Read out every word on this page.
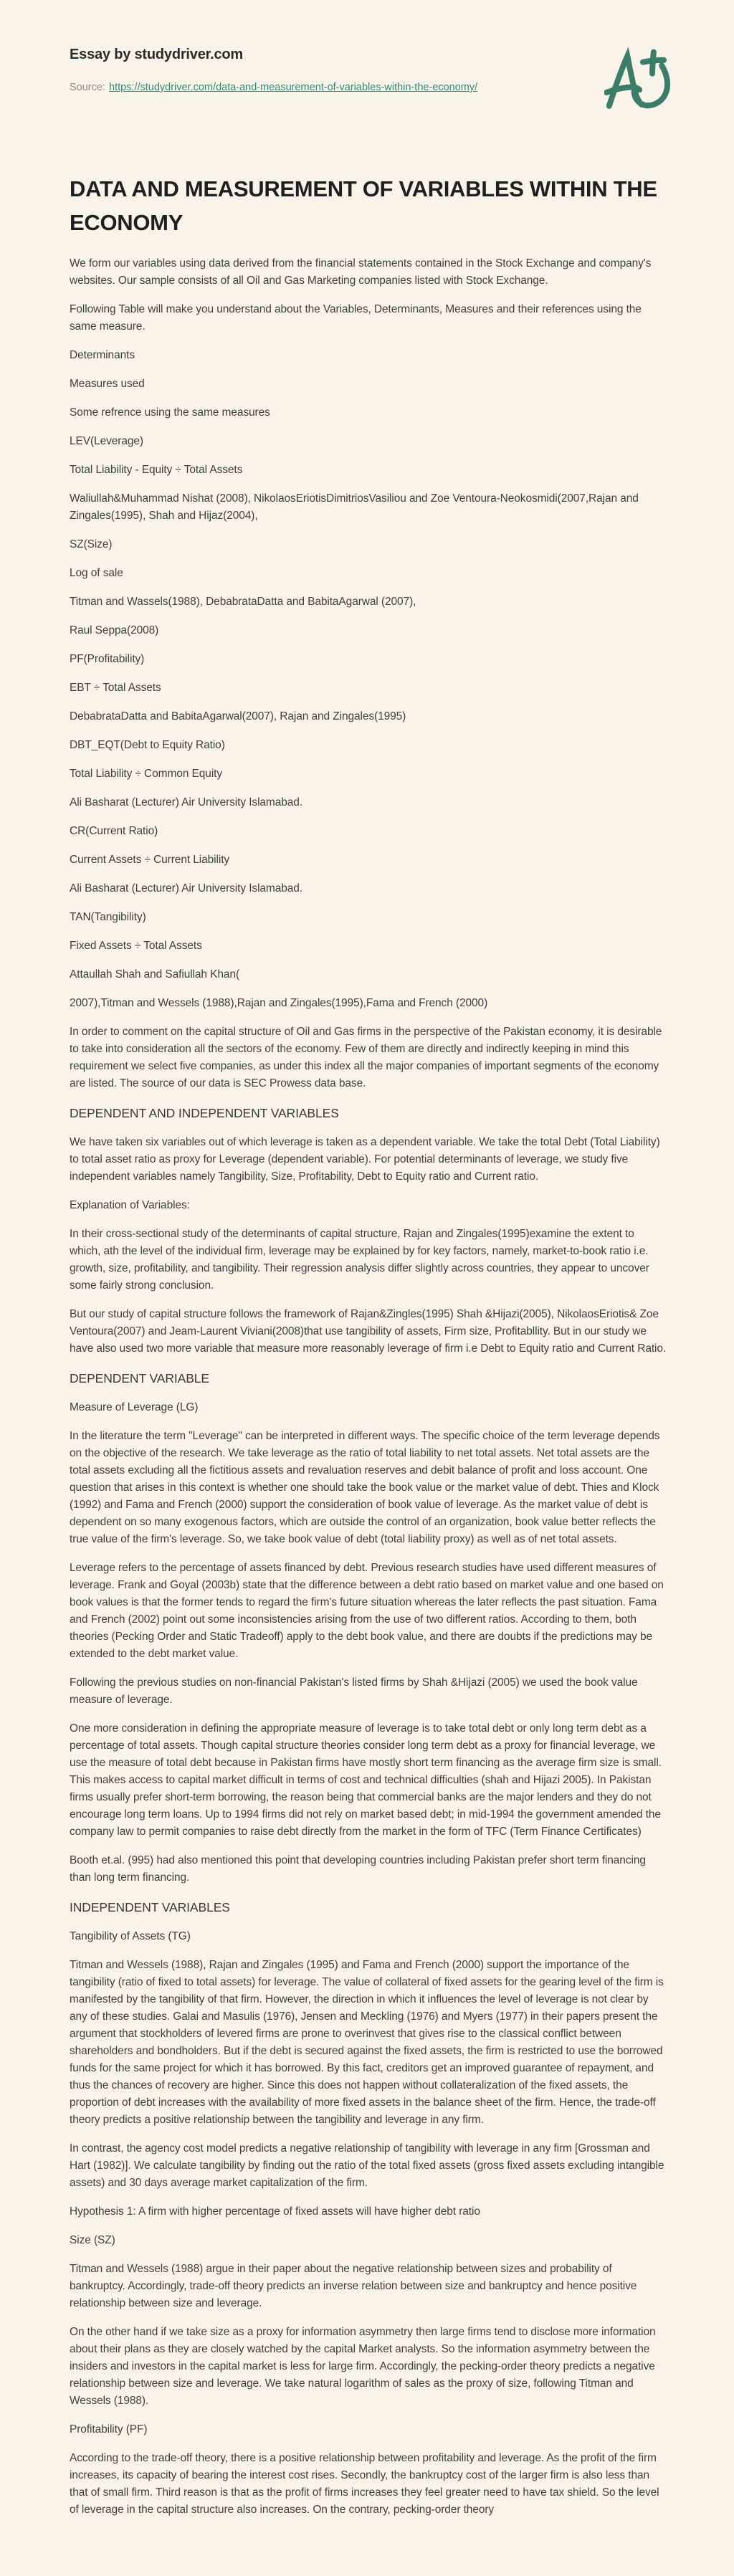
Essay by studydriver.com
Source: https://studydriver.com/data-and-measurement-of-variables-within-the-economy/
DATA AND MEASUREMENT OF VARIABLES WITHIN THE ECONOMY

We form our variables using data derived from the financial statements contained in the Stock Exchange and company's websites. Our sample consists of all Oil and Gas Marketing companies listed with Stock Exchange.

Following Table will make you understand about the Variables, Determinants, Measures and their references using the same measure.

Determinants

Measures used

Some refrence using the same measures

LEV(Leverage)

Total Liability - Equity ÷ Total Assets

Waliullah&Muhammad Nishat (2008), NikolaosEriotisDimitriosVasiliou and Zoe Ventoura-Neokosmidi(2007,Rajan and Zingales(1995), Shah and Hijaz(2004),

SZ(Size)

Log of sale

Titman and Wassels(1988), DebabrataDatta and BabitaAgarwal (2007),

Raul Seppa(2008)

PF(Profitability)

EBT ÷ Total Assets

DebabrataDatta and BabitaAgarwal(2007), Rajan and Zingales(1995)

DBT_EQT(Debt to Equity Ratio)

Total Liability ÷ Common Equity

Ali Basharat (Lecturer) Air University Islamabad.

CR(Current Ratio)

Current Assets ÷ Current Liability

Ali Basharat (Lecturer) Air University Islamabad.

TAN(Tangibility)

Fixed Assets ÷ Total Assets

Attaullah Shah and Safiullah Khan(

2007),Titman and Wessels (1988),Rajan and Zingales(1995),Fama and French (2000)

In order to comment on the capital structure of Oil and Gas firms in the perspective of the Pakistan economy, it is desirable to take into consideration all the sectors of the economy. Few of them are directly and indirectly keeping in mind this requirement we select five companies, as under this index all the major companies of important segments of the economy are listed. The source of our data is SEC Prowess data base.

DEPENDENT AND INDEPENDENT VARIABLES

We have taken six variables out of which leverage is taken as a dependent variable. We take the total Debt (Total Liability) to total asset ratio as proxy for Leverage (dependent variable). For potential determinants of leverage, we study five independent variables namely Tangibility, Size, Profitability, Debt to Equity ratio and Current ratio.

Explanation of Variables:

In their cross-sectional study of the determinants of capital structure, Rajan and Zingales(1995)examine the extent to which, ath the level of the individual firm, leverage may be explained by for key factors, namely, market-to-book ratio i.e. growth, size, profitability, and tangibility. Their regression analysis differ slightly across countries, they appear to uncover some fairly strong conclusion.

But our study of capital structure follows the framework of Rajan&Zingles(1995) Shah &Hijazi(2005), NikolaosEriotis& Zoe Ventoura(2007) and Jeam-Laurent Viviani(2008)that use tangibility of assets, Firm size, Profitabllity. But in our study we have also used two more variable that measure more reasonably leverage of firm i.e Debt to Equity ratio and Current Ratio.

DEPENDENT VARIABLE

Measure of Leverage (LG)

In the literature the term "Leverage" can be interpreted in different ways. The specific choice of the term leverage depends on the objective of the research. We take leverage as the ratio of total liability to net total assets. Net total assets are the total assets excluding all the fictitious assets and revaluation reserves and debit balance of profit and loss account. One question that arises in this context is whether one should take the book value or the market value of debt. Thies and Klock (1992) and Fama and French (2000) support the consideration of book value of leverage. As the market value of debt is dependent on so many exogenous factors, which are outside the control of an organization, book value better reflects the true value of the firm's leverage. So, we take book value of debt (total liability proxy) as well as of net total assets.

Leverage refers to the percentage of assets financed by debt. Previous research studies have used different measures of leverage. Frank and Goyal (2003b) state that the difference between a debt ratio based on market value and one based on book values is that the former tends to regard the firm's future situation whereas the later reflects the past situation. Fama and French (2002) point out some inconsistencies arising from the use of two different ratios. According to them, both theories (Pecking Order and Static Tradeoff) apply to the debt book value, and there are doubts if the predictions may be extended to the debt market value.

Following the previous studies on non-financial Pakistan's listed firms by Shah &Hijazi (2005) we used the book value measure of leverage.

One more consideration in defining the appropriate measure of leverage is to take total debt or only long term debt as a percentage of total assets. Though capital structure theories consider long term debt as a proxy for financial leverage, we use the measure of total debt because in Pakistan firms have mostly short term financing as the average firm size is small. This makes access to capital market difficult in terms of cost and technical difficulties (shah and Hijazi 2005). In Pakistan firms usually prefer short-term borrowing, the reason being that commercial banks are the major lenders and they do not encourage long term loans. Up to 1994 firms did not rely on market based debt; in mid-1994 the government amended the company law to permit companies to raise debt directly from the market in the form of TFC (Term Finance Certificates)

Booth et.al. (995) had also mentioned this point that developing countries including Pakistan prefer short term financing than long term financing.

INDEPENDENT VARIABLES

Tangibility of Assets (TG)

Titman and Wessels (1988), Rajan and Zingales (1995) and Fama and French (2000) support the importance of the tangibility (ratio of fixed to total assets) for leverage. The value of collateral of fixed assets for the gearing level of the firm is manifested by the tangibility of that firm. However, the direction in which it influences the level of leverage is not clear by any of these studies. Galai and Masulis (1976), Jensen and Meckling (1976) and Myers (1977) in their papers present the argument that stockholders of levered firms are prone to overinvest that gives rise to the classical conflict between shareholders and bondholders. But if the debt is secured against the fixed assets, the firm is restricted to use the borrowed funds for the same project for which it has borrowed. By this fact, creditors get an improved guarantee of repayment, and thus the chances of recovery are higher. Since this does not happen without collateralization of the fixed assets, the proportion of debt increases with the availability of more fixed assets in the balance sheet of the firm. Hence, the trade-off theory predicts a positive relationship between the tangibility and leverage in any firm.

In contrast, the agency cost model predicts a negative relationship of tangibility with leverage in any firm [Grossman and Hart (1982)]. We calculate tangibility by finding out the ratio of the total fixed assets (gross fixed assets excluding intangible assets) and 30 days average market capitalization of the firm.

Hypothesis 1: A firm with higher percentage of fixed assets will have higher debt ratio

Size (SZ)

Titman and Wessels (1988) argue in their paper about the negative relationship between sizes and probability of bankruptcy. Accordingly, trade-off theory predicts an inverse relation between size and bankruptcy and hence positive relationship between size and leverage.

On the other hand if we take size as a proxy for information asymmetry then large firms tend to disclose more information about their plans as they are closely watched by the capital Market analysts. So the information asymmetry between the insiders and investors in the capital market is less for large firm. Accordingly, the pecking-order theory predicts a negative relationship between size and leverage. We take natural logarithm of sales as the proxy of size, following Titman and Wessels (1988).

Profitability (PF)

According to the trade-off theory, there is a positive relationship between profitability and leverage. As the profit of the firm increases, its capacity of bearing the interest cost rises. Secondly, the bankruptcy cost of the larger firm is also less than that of small firm. Third reason is that as the profit of firms increases they feel greater need to have tax shield. So the level of leverage in the capital structure also increases. On the contrary, pecking-order theory
